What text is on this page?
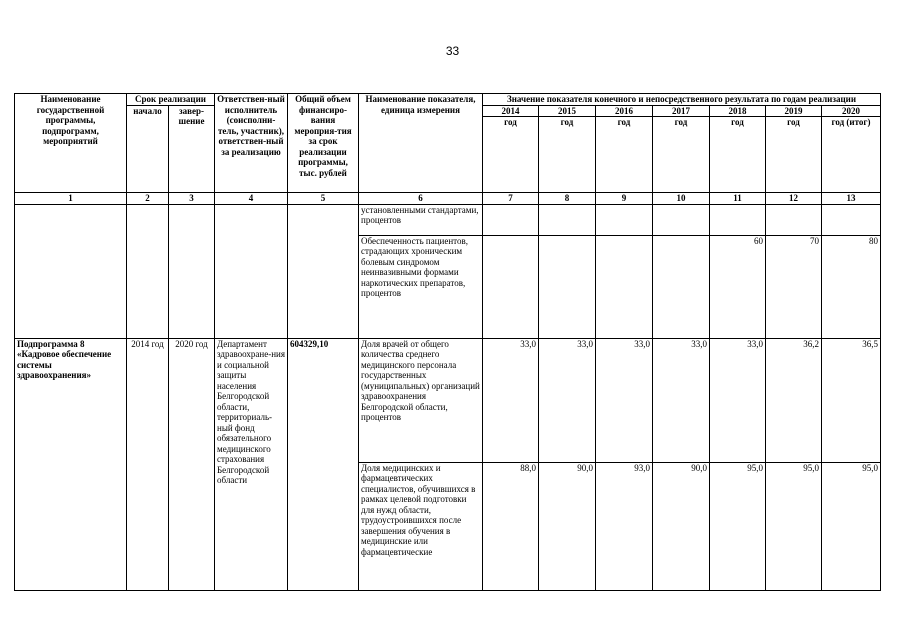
33
Наименование государственной программы, подпрограмм, мероприятий	Срок реализации		Ответствен-ный исполнитель (соисполни-тель, участник), ответствен-ный за реализацию	Общий объем финансиро-вания мероприя-тия за срок реализации программы, тыс. рублей	Наименование показателя, единица измерения	Значение показателя конечного и непосредственного результата по годам реализации						
	начало	завер-шение				2014	2015	2016	2017	2018	2019	2020
						год	год	год	год	год	год	год (итог)
1	2	3	4	5	6	7	8	9	10	11	12	13
					установленными стандартами, процентов							
					Обеспеченность пациентов, страдающих хроническим болевым синдромом неинвазивными формами наркотических препаратов, процентов					60	70	80
Подпрограмма 8 «Кадровое обеспечение системы здравоохранения»	2014 год	2020 год	Департамент здравоохране-ния и социальной защиты населения Белгородской области, территориаль-ный фонд обязательного медицинского страхования Белгородской области	604329,10	Доля врачей от общего количества среднего медицинского персонала государственных (муниципальных) организаций здравоохранения Белгородской области, процентов	33,0	33,0	33,0	33,0	33,0	36,2	36,5
					Доля медицинских и фармацевтических специалистов, обучившихся в рамках целевой подготовки для нужд области, трудоустроившихся после завершения обучения в медицинские или фармацевтические	88,0	90,0	93,0	90,0	95,0	95,0	95,0
